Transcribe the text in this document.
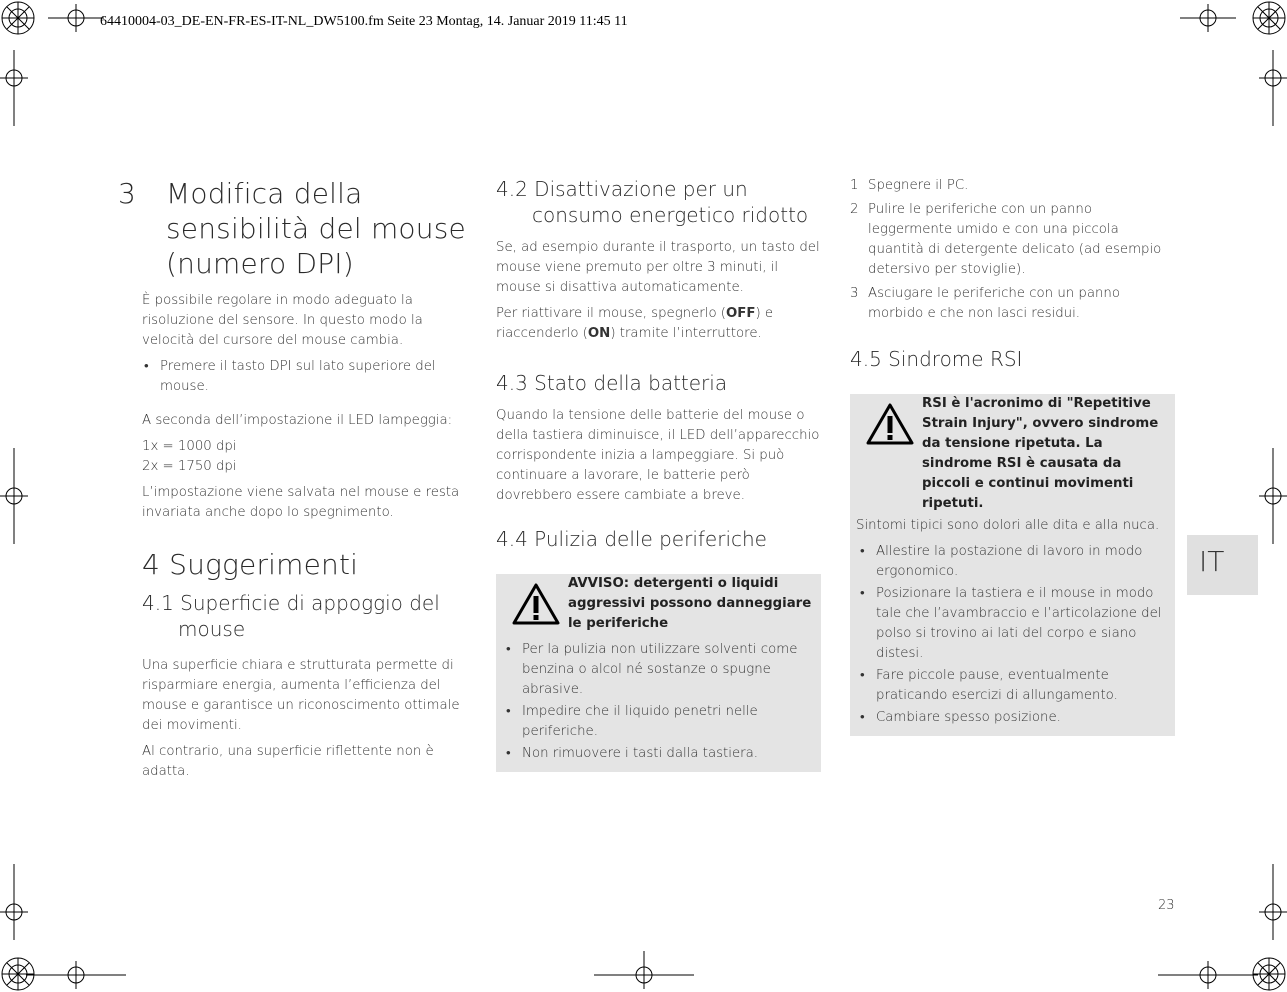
64410004-03_DE-EN-FR-ES-IT-NL_DW5100.fm Seite 23 Montag, 14. Januar 2019 11:45 11
3 Modifica della
sensibilità del mouse
(numero DPI)

È possibile regolare in modo adeguato la risoluzione del sensore. In questo modo la velocità del cursore del mouse cambia.

• Premere il tasto DPI sul lato superiore del mouse.

A seconda dell’impostazione il LED lampeggia:

1x = 1000 dpi
2x = 1750 dpi

L’impostazione viene salvata nel mouse e resta invariata anche dopo lo spegnimento.

4 Suggerimenti
4.1 Superficie di appoggio del mouse

Una superficie chiara e strutturata permette di risparmiare energia, aumenta l’efficienza del mouse e garantisce un riconoscimento ottimale dei movimenti.

Al contrario, una superficie riflettente non è adatta.

4.2 Disattivazione per un consumo energetico ridotto

Se, ad esempio durante il trasporto, un tasto del mouse viene premuto per oltre 3 minuti, il mouse si disattiva automaticamente.

Per riattivare il mouse, spegnerlo (OFF) e riaccenderlo (ON) tramite l’interruttore.

4.3 Stato della batteria

Quando la tensione delle batterie del mouse o della tastiera diminuisce, il LED dell’apparecchio corrispondente inizia a lampeggiare. Si può continuare a lavorare, le batterie però dovrebbero essere cambiate a breve.

4.4 Pulizia delle periferiche
AVVISO: detergenti o liquidi aggressivi possono danneggiare le periferiche
• Per la pulizia non utilizzare solventi come benzina o alcol né sostanze o spugne abrasive.
• Impedire che il liquido penetri nelle periferiche.
• Non rimuovere i tasti dalla tastiera.
1 Spegnere il PC.
2 Pulire le periferiche con un panno leggermente umido e con una piccola quantità di detergente delicato (ad esempio detersivo per stoviglie).
3 Asciugare le periferiche con un panno morbido e che non lasci residui.
4.5 Sindrome RSI
RSI è l'acronimo di "Repetitive Strain Injury", ovvero sindrome da tensione ripetuta. La sindrome RSI è causata da piccoli e continui movimenti ripetuti.

Sintomi tipici sono dolori alle dita e alla nuca.

• Allestire la postazione di lavoro in modo ergonomico.
• Posizionare la tastiera e il mouse in modo tale che l’avambraccio e l’articolazione del polso si trovino ai lati del corpo e siano distesi.
• Fare piccole pause, eventualmente praticando esercizi di allungamento.
• Cambiare spesso posizione.
IT
23
